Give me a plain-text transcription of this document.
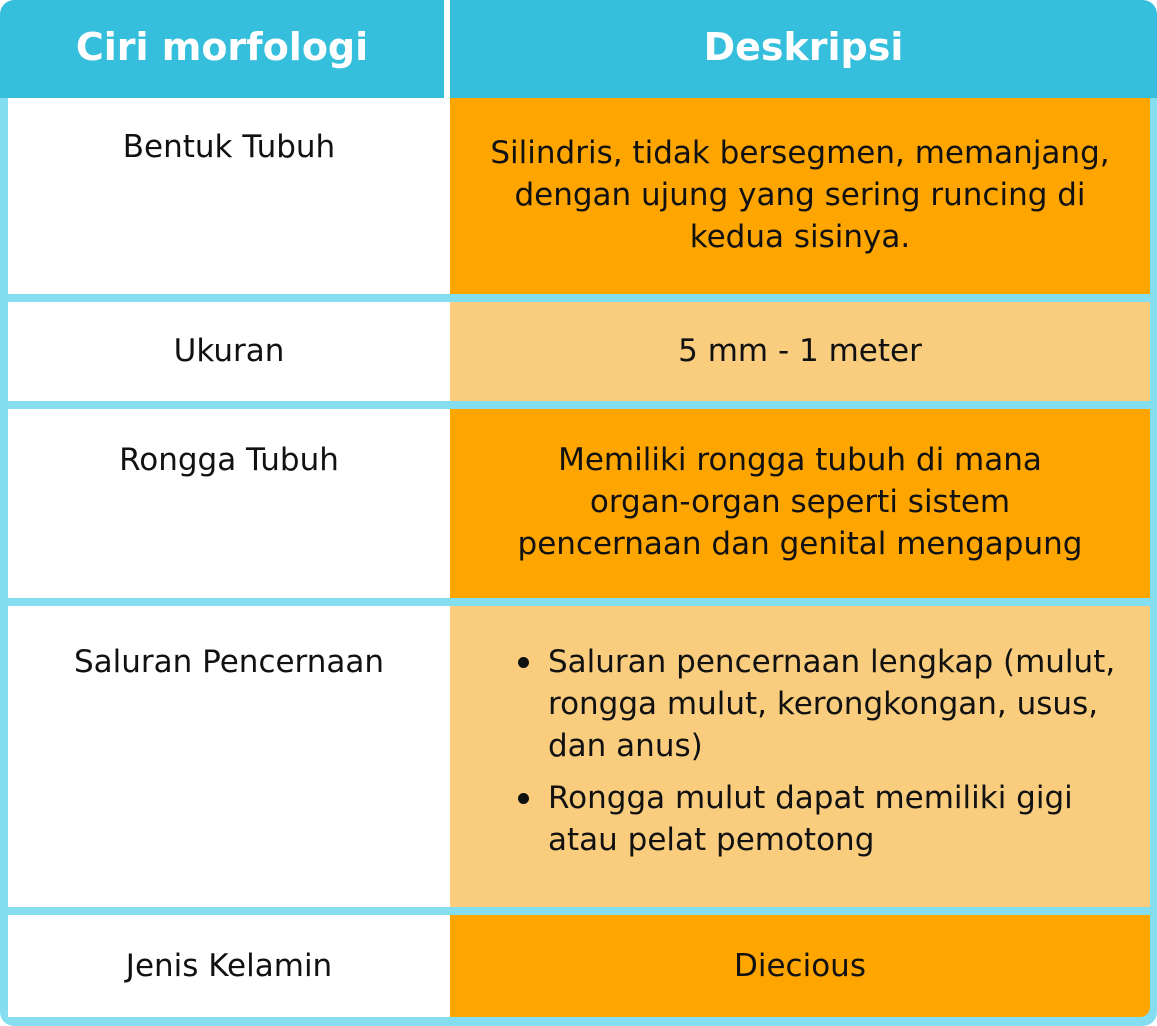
Ciri morfologi	Deskripsi
Bentuk Tubuh	Silindris, tidak bersegmen, memanjang,
dengan ujung yang sering runcing di
kedua sisinya.
Ukuran	5 mm - 1 meter
Rongga Tubuh	Memiliki rongga tubuh di mana
organ-organ seperti sistem
pencernaan dan genital mengapung
Saluran Pencernaan	Saluran pencernaan lengkap (mulut,
rongga mulut, kerongkongan, usus,
dan anus)
Rongga mulut dapat memiliki gigi
atau pelat pemotong
Jenis Kelamin	Diecious
